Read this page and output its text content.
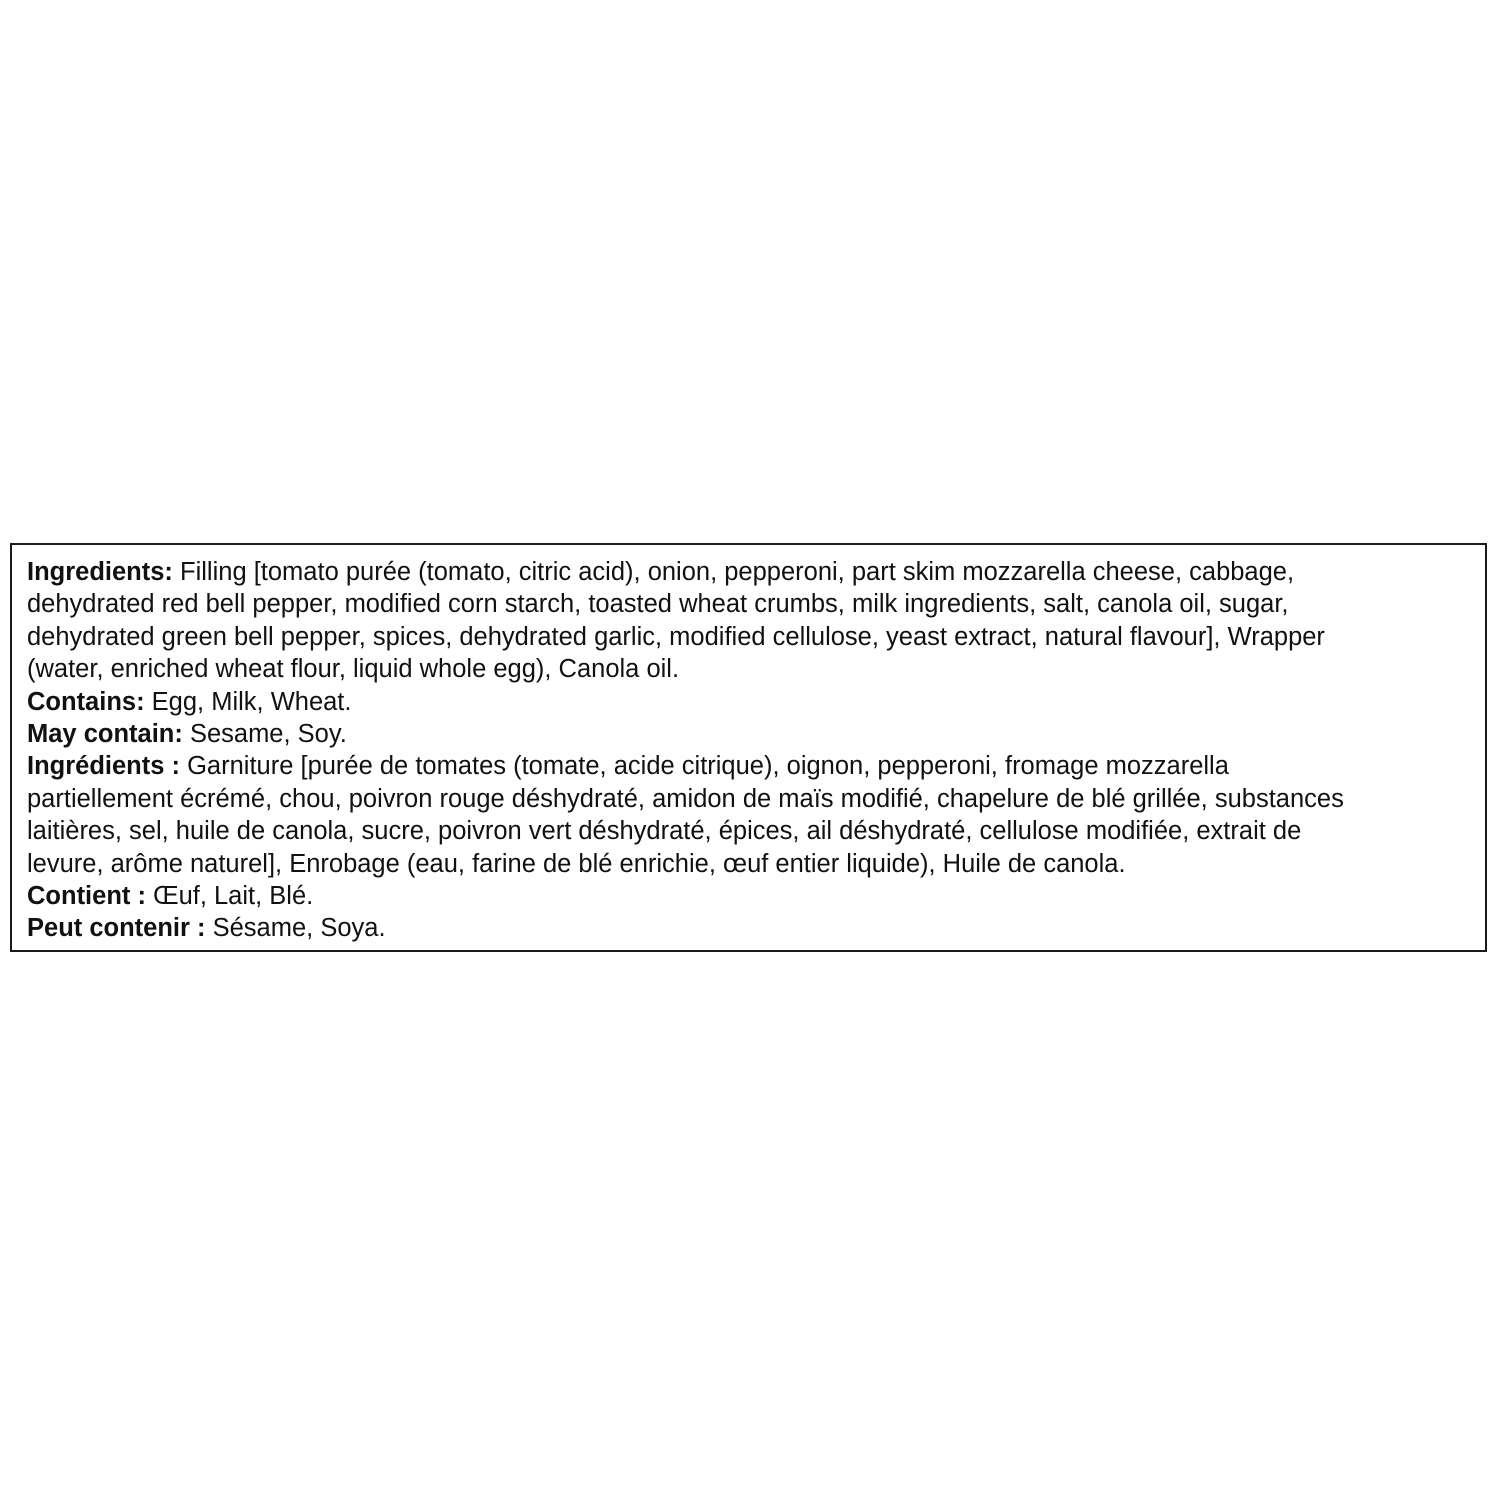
Ingredients: Filling [tomato purée (tomato, citric acid), onion, pepperoni, part skim mozzarella cheese, cabbage,
dehydrated red bell pepper, modified corn starch, toasted wheat crumbs, milk ingredients, salt, canola oil, sugar,
dehydrated green bell pepper, spices, dehydrated garlic, modified cellulose, yeast extract, natural flavour], Wrapper
(water, enriched wheat flour, liquid whole egg), Canola oil.
Contains: Egg, Milk, Wheat.
May contain: Sesame, Soy.
Ingrédients : Garniture [purée de tomates (tomate, acide citrique), oignon, pepperoni, fromage mozzarella
partiellement écrémé, chou, poivron rouge déshydraté, amidon de maïs modifié, chapelure de blé grillée, substances
laitières, sel, huile de canola, sucre, poivron vert déshydraté, épices, ail déshydraté, cellulose modifiée, extrait de
levure, arôme naturel], Enrobage (eau, farine de blé enrichie, œuf entier liquide), Huile de canola.
Contient : Œuf, Lait, Blé.
Peut contenir : Sésame, Soya.
